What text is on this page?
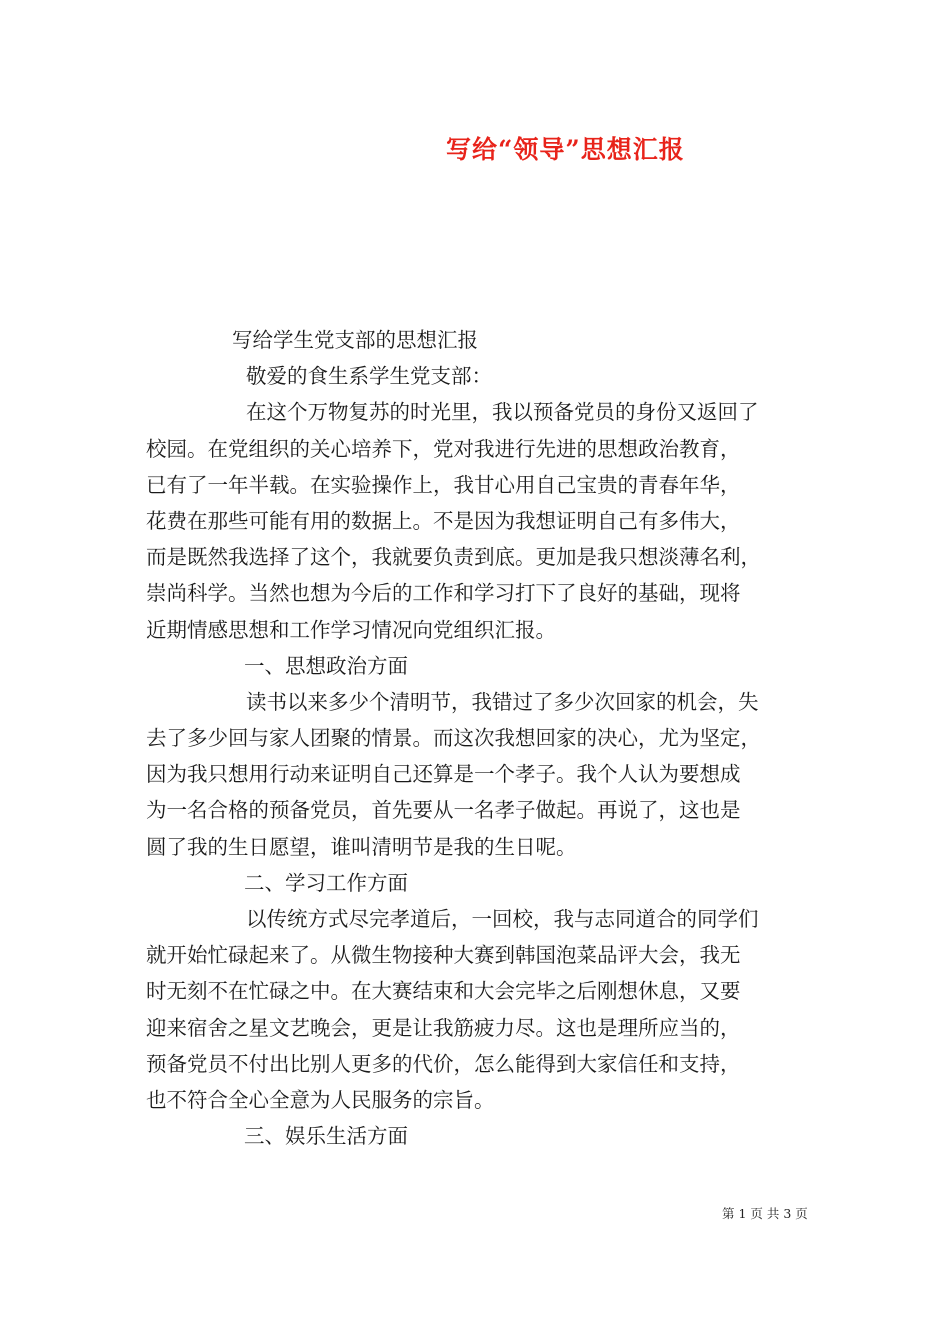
写给“领导”思想汇报
写给学生党支部的思想汇报
敬爱的食生系学生党支部：
在这个万物复苏的时光里，我以预备党员的身份又返回了
校园。在党组织的关心培养下，党对我进行先进的思想政治教育，
已有了一年半载。在实验操作上，我甘心用自己宝贵的青春年华，
花费在那些可能有用的数据上。不是因为我想证明自己有多伟大，
而是既然我选择了这个，我就要负责到底。更加是我只想淡薄名利，
崇尚科学。当然也想为今后的工作和学习打下了良好的基础，现将
近期情感思想和工作学习情况向党组织汇报。
一、思想政治方面
读书以来多少个清明节，我错过了多少次回家的机会，失
去了多少回与家人团聚的情景。而这次我想回家的决心，尤为坚定，
因为我只想用行动来证明自己还算是一个孝子。我个人认为要想成
为一名合格的预备党员，首先要从一名孝子做起。再说了，这也是
圆了我的生日愿望，谁叫清明节是我的生日呢。
二、学习工作方面
以传统方式尽完孝道后，一回校，我与志同道合的同学们
就开始忙碌起来了。从微生物接种大赛到韩国泡菜品评大会，我无
时无刻不在忙碌之中。在大赛结束和大会完毕之后刚想休息，又要
迎来宿舍之星文艺晚会，更是让我筋疲力尽。这也是理所应当的，
预备党员不付出比别人更多的代价，怎么能得到大家信任和支持，
也不符合全心全意为人民服务的宗旨。
三、娱乐生活方面
第 1 页 共 3 页
